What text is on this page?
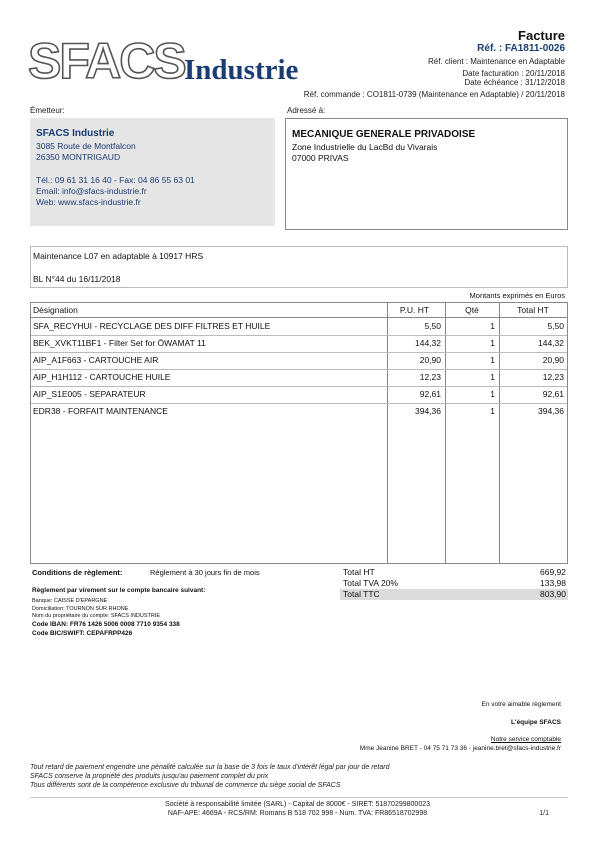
SFACS Industrie
Facture
Réf. : FA1811-0026
Réf. client : Maintenance en Adaptable
Date facturation : 20/11/2018
Date échéance : 31/12/2018
Réf. commande : CO1811-0739 (Maintenance en Adaptable) / 20/11/2018
Émetteur:
SFACS Industrie
3085 Route de Montfalcon
26350 MONTRIGAUD
Tél.: 09 61 31 16 40 - Fax: 04 86 55 63 01
Email: info@sfacs-industrie.fr
Web: www.sfacs-industrie.fr
Adressé à:
MECANIQUE GENERALE PRIVADOISE
Zone Industrielle du LacBd du Vivarais
07000 PRIVAS
Maintenance L07 en adaptable à 10917 HRS
BL N°44 du 16/11/2018
Montants exprimés en Euros
Désignation	P.U. HT	Qté	Total HT
SFA_RECYHUI - RECYCLAGE DES DIFF FILTRES ET HUILE	5,50	1	5,50
BEK_XVKT11BF1 - Filter Set for ÖWAMAT 11	144,32	1	144,32
AIP_A1F663 - CARTOUCHE AIR	20,90	1	20,90
AIP_H1H112 - CARTOUCHE HUILE	12,23	1	12,23
AIP_S1E005 - SEPARATEUR	92,61	1	92,61
EDR38 - FORFAIT MAINTENANCE	394,36	1	394,36
Conditions de règlement:	Règlement à 30 jours fin de mois
Règlement par virement sur le compte bancaire suivant:
Banque: CAISSE D'EPARGNE
Domiciliation: TOURNON SUR RHONE
Nom du propriétaire du compte: SFACS INDUSTRIE
Code IBAN: FR76 1426 5006 0008 7710 9354 338
Code BIC/SWIFT: CEPAFRPP426
Total HT	669,92
Total TVA 20%	133,98
Total TTC	803,90
En votre aimable règlement
L'équipe SFACS
Notre service comptable
Mme Jeanine BRET - 04 75 71 73 36 - jeanine.bret@sfacs-industrie.fr
Tout retard de paiement engendre une pénalité calculée sur la base de 3 fois le taux d'intérêt légal par jour de retard
SFACS conserve la propriété des produits jusqu'au paiement complet du prix
Tous différents sont de la compétence exclusive du tribunal de commerce du siège social de SFACS
Société à responsabilité limitée (SARL) - Capital de 8000€ - SIRET: 51870299800023
NAF-APE: 4669A - RCS/RM: Romans B 518 702 998 - Num. TVA: FR86518702998	1/1
